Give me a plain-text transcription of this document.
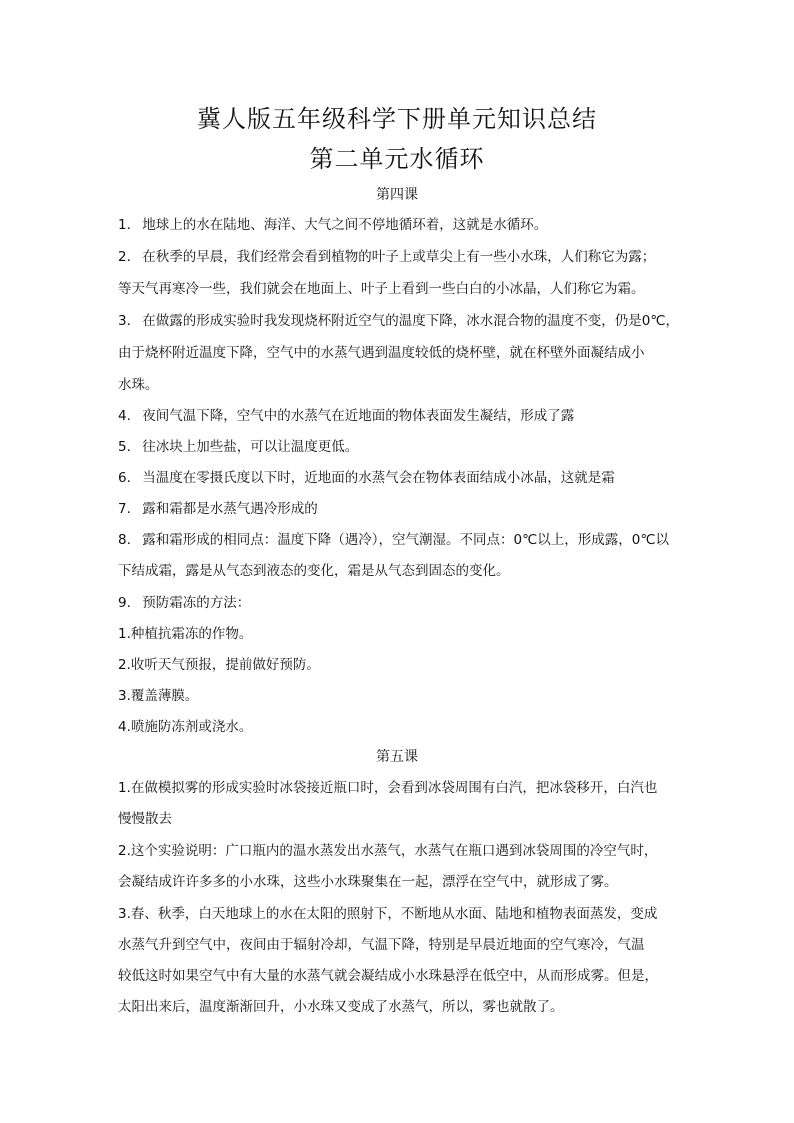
冀人版五年级科学下册单元知识总结
第二单元水循环
第四课
1. 地球上的水在陆地、海洋、大气之间不停地循环着，这就是水循环。
2. 在秋季的早晨，我们经常会看到植物的叶子上或草尖上有一些小水珠，人们称它为露；
等天气再寒冷一些，我们就会在地面上、叶子上看到一些白白的小冰晶，人们称它为霜。
3. 在做露的形成实验时我发现烧杯附近空气的温度下降，冰水混合物的温度不变，仍是0℃，
由于烧杯附近温度下降，空气中的水蒸气遇到温度较低的烧杯壁，就在杯壁外面凝结成小
水珠。
4. 夜间气温下降，空气中的水蒸气在近地面的物体表面发生凝结，形成了露
5. 往冰块上加些盐，可以让温度更低。
6. 当温度在零摄氏度以下时，近地面的水蒸气会在物体表面结成小冰晶，这就是霜
7. 露和霜都是水蒸气遇冷形成的
8. 露和霜形成的相同点：温度下降（遇冷），空气潮湿。不同点：0℃以上，形成露，0℃以
下结成霜，露是从气态到液态的变化，霜是从气态到固态的变化。
9. 预防霜冻的方法：
1.种植抗霜冻的作物。
2.收听天气预报，提前做好预防。
3.覆盖薄膜。
4.喷施防冻剂或浇水。
第五课
1.在做模拟雾的形成实验时冰袋接近瓶口时，会看到冰袋周围有白汽，把冰袋移开，白汽也
慢慢散去
2.这个实验说明：广口瓶内的温水蒸发出水蒸气，水蒸气在瓶口遇到冰袋周围的冷空气时，
会凝结成许许多多的小水珠，这些小水珠聚集在一起，漂浮在空气中，就形成了雾。
3.春、秋季，白天地球上的水在太阳的照射下，不断地从水面、陆地和植物表面蒸发，变成
水蒸气升到空气中，夜间由于辐射冷却，气温下降，特别是早晨近地面的空气寒冷，气温
较低这时如果空气中有大量的水蒸气就会凝结成小水珠悬浮在低空中，从而形成雾。但是，
太阳出来后，温度渐渐回升，小水珠又变成了水蒸气，所以，雾也就散了。
